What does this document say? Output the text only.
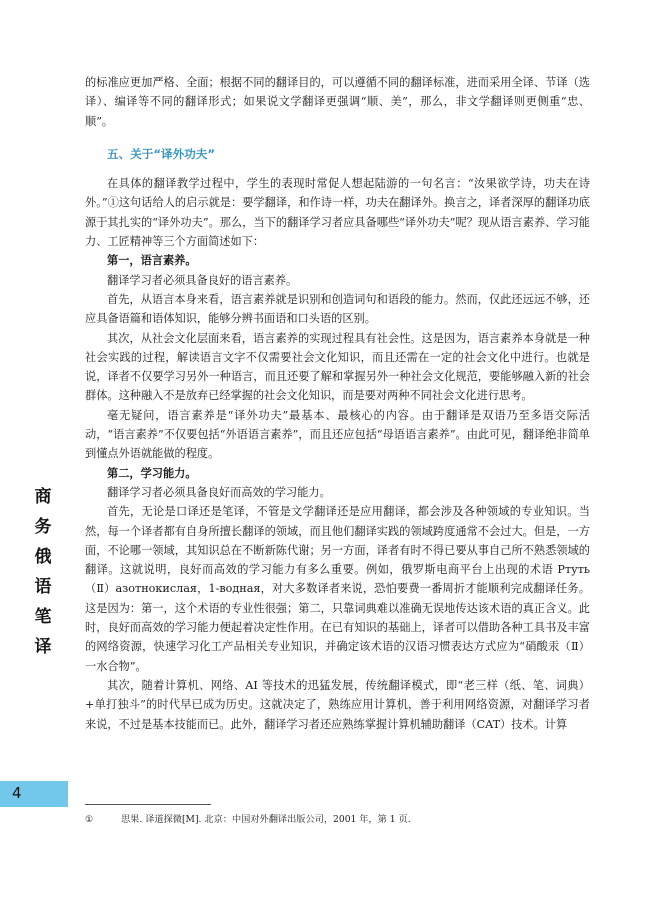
的标准应更加严格、全面；根据不同的翻译目的，可以遵循不同的翻译标准，进而采用全译、节译（选译）、编译等不同的翻译形式；如果说文学翻译更强调“顺、美”，那么，非文学翻译则更侧重“忠、顺”。

五、关于“译外功夫”

在具体的翻译教学过程中，学生的表现时常促人想起陆游的一句名言：“汝果欲学诗，功夫在诗外。”①这句话给人的启示就是：要学翻译，和作诗一样，功夫在翻译外。换言之，译者深厚的翻译功底源于其扎实的“译外功夫”。那么，当下的翻译学习者应具备哪些“译外功夫”呢？现从语言素养、学习能力、工匠精神等三个方面简述如下：

第一，语言素养。

翻译学习者必须具备良好的语言素养。

首先，从语言本身来看，语言素养就是识别和创造词句和语段的能力。然而，仅此还远远不够，还应具备语篇和语体知识，能够分辨书面语和口头语的区别。

其次，从社会文化层面来看，语言素养的实现过程具有社会性。这是因为，语言素养本身就是一种社会实践的过程，解读语言文字不仅需要社会文化知识，而且还需在一定的社会文化中进行。也就是说，译者不仅要学习另外一种语言，而且还要了解和掌握另外一种社会文化规范，要能够融入新的社会群体。这种融入不是放弃已经掌握的社会文化知识，而是要对两种不同社会文化进行思考。

毫无疑问，语言素养是“译外功夫”最基本、最核心的内容。由于翻译是双语乃至多语交际活动，“语言素养”不仅要包括“外语语言素养”，而且还应包括“母语语言素养”。由此可见，翻译绝非简单到懂点外语就能做的程度。

第二，学习能力。

翻译学习者必须具备良好而高效的学习能力。

首先，无论是口译还是笔译，不管是文学翻译还是应用翻译，都会涉及各种领域的专业知识。当然，每一个译者都有自身所擅长翻译的领域，而且他们翻译实践的领域跨度通常不会过大。但是，一方面，不论哪一领域，其知识总在不断新陈代谢；另一方面，译者有时不得已要从事自己所不熟悉领域的翻译。这就说明，良好而高效的学习能力有多么重要。例如，俄罗斯电商平台上出现的术语 Pтуть（Ⅱ）азотнокислая，1-водная，对大多数译者来说，恐怕要费一番周折才能顺利完成翻译任务。这是因为：第一，这个术语的专业性很强；第二，只靠词典难以准确无误地传达该术语的真正含义。此时，良好而高效的学习能力便起着决定性作用。在已有知识的基础上，译者可以借助各种工具书及丰富的网络资源，快速学习化工产品相关专业知识，并确定该术语的汉语习惯表达方式应为“硝酸汞（Ⅱ）一水合物”。

其次，随着计算机、网络、AI 等技术的迅猛发展，传统翻译模式，即“老三样（纸、笔、词典）+单打独斗”的时代早已成为历史。这就决定了，熟练应用计算机，善于利用网络资源，对翻译学习者来说，不过是基本技能而已。此外，翻译学习者还应熟练掌握计算机辅助翻译（CAT）技术。计算

商
务
俄
语
笔
译
4
①	思果. 译道探微[M]. 北京：中国对外翻译出版公司，2001 年，第 1 页.
